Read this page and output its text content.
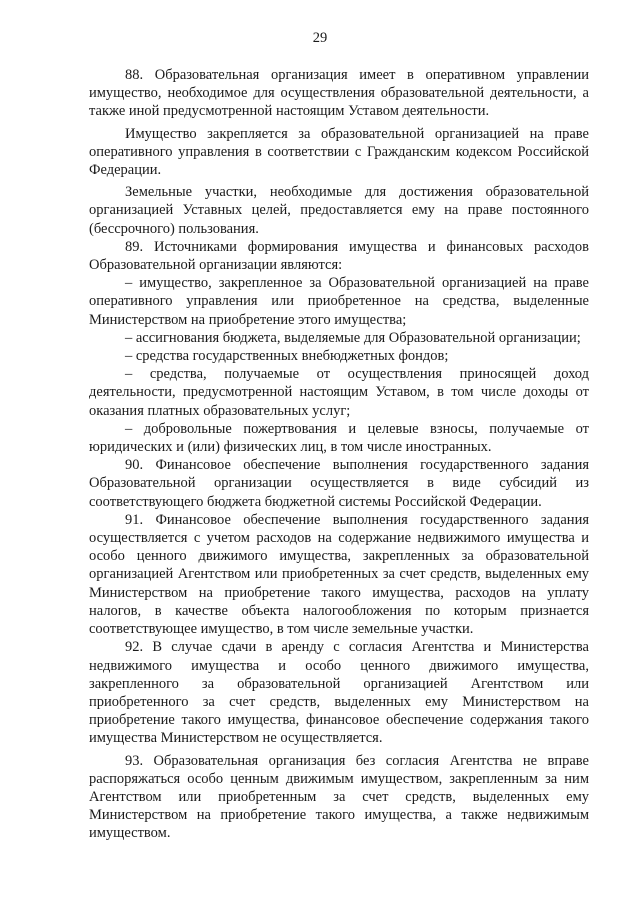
29

88. Образовательная организация имеет в оперативном управлении имущество, необходимое для осуществления образовательной деятельности, а также иной предусмотренной настоящим Уставом деятельности.

Имущество закрепляется за образовательной организацией на праве оперативного управления в соответствии с Гражданским кодексом Российской Федерации.

Земельные участки, необходимые для достижения образовательной организацией Уставных целей, предоставляется ему на праве постоянного (бессрочного) пользования.

89. Источниками формирования имущества и финансовых расходов Образовательной организации являются:

– имущество, закрепленное за Образовательной организацией на праве оперативного управления или приобретенное на средства, выделенные Министерством на приобретение этого имущества;

– ассигнования бюджета, выделяемые для Образовательной организации;

– средства государственных внебюджетных фондов;

– средства, получаемые от осуществления приносящей доход деятельности, предусмотренной настоящим Уставом, в том числе доходы от оказания платных образовательных услуг;

– добровольные пожертвования и целевые взносы, получаемые от юридических и (или) физических лиц, в том числе иностранных.

90. Финансовое обеспечение выполнения государственного задания Образовательной организации осуществляется в виде субсидий из соответствующего бюджета бюджетной системы Российской Федерации.

91. Финансовое обеспечение выполнения государственного задания осуществляется с учетом расходов на содержание недвижимого имущества и особо ценного движимого имущества, закрепленных за образовательной организацией Агентством или приобретенных за счет средств, выделенных ему Министерством на приобретение такого имущества, расходов на уплату налогов, в качестве объекта налогообложения по которым признается соответствующее имущество, в том числе земельные участки.

92. В случае сдачи в аренду с согласия Агентства и Министерства недвижимого имущества и особо ценного движимого имущества, закрепленного за образовательной организацией Агентством или приобретенного за счет средств, выделенных ему Министерством на приобретение такого имущества, финансовое обеспечение содержания такого имущества Министерством не осуществляется.

93. Образовательная организация без согласия Агентства не вправе распоряжаться особо ценным движимым имуществом, закрепленным за ним Агентством или приобретенным за счет средств, выделенных ему Министерством на приобретение такого имущества, а также недвижимым имуществом.
